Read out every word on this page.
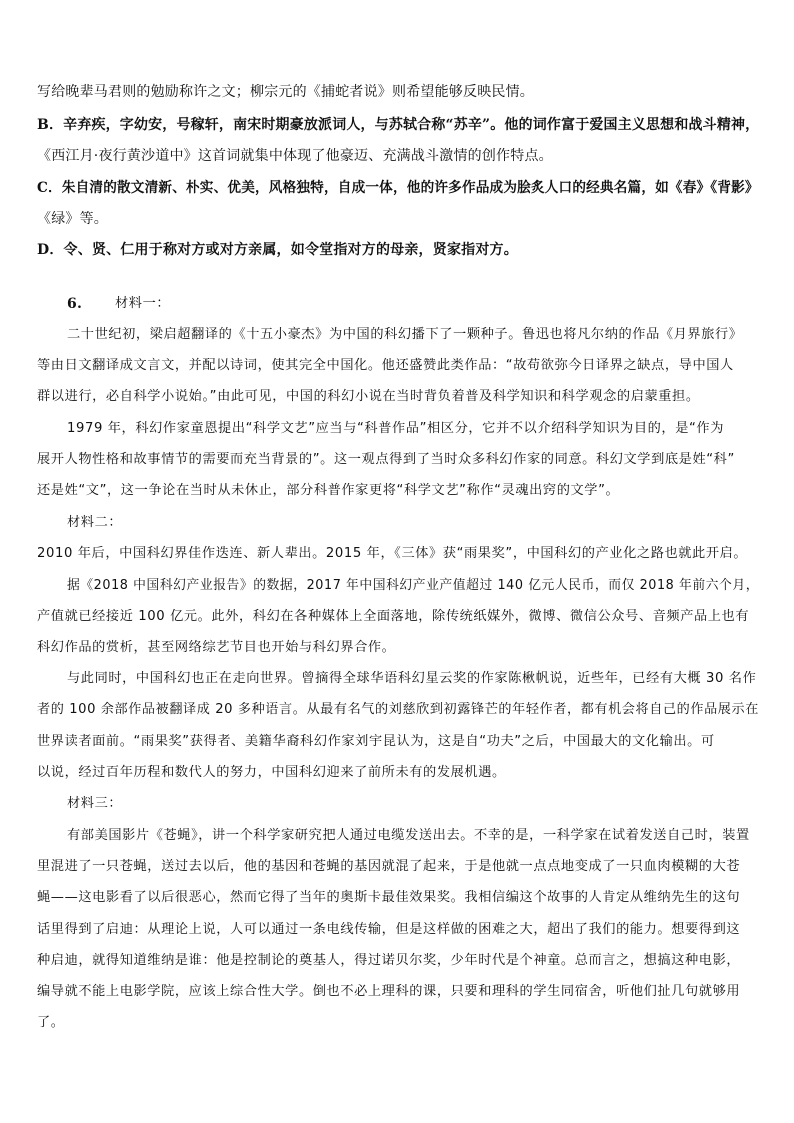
写给晚辈马君则的勉励称许之文；柳宗元的《捕蛇者说》则希望能够反映民情。
B．辛弃疾，字幼安，号稼轩，南宋时期豪放派词人，与苏轼合称“苏辛”。他的词作富于爱国主义思想和战斗精神，
《西江月·夜行黄沙道中》这首词就集中体现了他豪迈、充满战斗激情的创作特点。
C．朱自清的散文清新、朴实、优美，风格独特，自成一体，他的许多作品成为脍炙人口的经典名篇，如《春》《背影》
《绿》等。
D．令、贤、仁用于称对方或对方亲属，如令堂指对方的母亲，贤家指对方。
6. 材料一：
二十世纪初，梁启超翻译的《十五小豪杰》为中国的科幻播下了一颗种子。鲁迅也将凡尔纳的作品《月界旅行》
等由日文翻译成文言文，并配以诗词，使其完全中国化。他还盛赞此类作品：“故苟欲弥今日译界之缺点，导中国人
群以进行，必自科学小说始。”由此可见，中国的科幻小说在当时背负着普及科学知识和科学观念的启蒙重担。
1979 年，科幻作家童恩提出“科学文艺”应当与“科普作品”相区分，它并不以介绍科学知识为目的，是“作为
展开人物性格和故事情节的需要而充当背景的”。这一观点得到了当时众多科幻作家的同意。科幻文学到底是姓“科”
还是姓“文”，这一争论在当时从未休止，部分科普作家更将“科学文艺”称作“灵魂出窍的文学”。
材料二：
2010 年后，中国科幻界佳作迭连、新人辈出。2015 年，《三体》获“雨果奖”，中国科幻的产业化之路也就此开启。
据《2018 中国科幻产业报告》的数据，2017 年中国科幻产业产值超过 140 亿元人民币，而仅 2018 年前六个月，
产值就已经接近 100 亿元。此外，科幻在各种媒体上全面落地，除传统纸媒外，微博、微信公众号、音频产品上也有
科幻作品的赏析，甚至网络综艺节目也开始与科幻界合作。
与此同时，中国科幻也正在走向世界。曾摘得全球华语科幻星云奖的作家陈楸帆说，近些年，已经有大概 30 名作
者的 100 余部作品被翻译成 20 多种语言。从最有名气的刘慈欣到初露锋芒的年轻作者，都有机会将自己的作品展示在
世界读者面前。“雨果奖”获得者、美籍华裔科幻作家刘宇昆认为，这是自“功夫”之后，中国最大的文化输出。可
以说，经过百年历程和数代人的努力，中国科幻迎来了前所未有的发展机遇。
材料三：
有部美国影片《苍蝇》，讲一个科学家研究把人通过电缆发送出去。不幸的是，一科学家在试着发送自己时，装置
里混进了一只苍蝇，送过去以后，他的基因和苍蝇的基因就混了起来，于是他就一点点地变成了一只血肉模糊的大苍
蝇——这电影看了以后很恶心，然而它得了当年的奥斯卡最佳效果奖。我相信编这个故事的人肯定从维纳先生的这句
话里得到了启迪：从理论上说，人可以通过一条电线传输，但是这样做的困难之大，超出了我们的能力。想要得到这
种启迪，就得知道维纳是谁：他是控制论的奠基人，得过诺贝尔奖，少年时代是个神童。总而言之，想搞这种电影，
编导就不能上电影学院，应该上综合性大学。倒也不必上理科的课，只要和理科的学生同宿舍，听他们扯几句就够用
了。
